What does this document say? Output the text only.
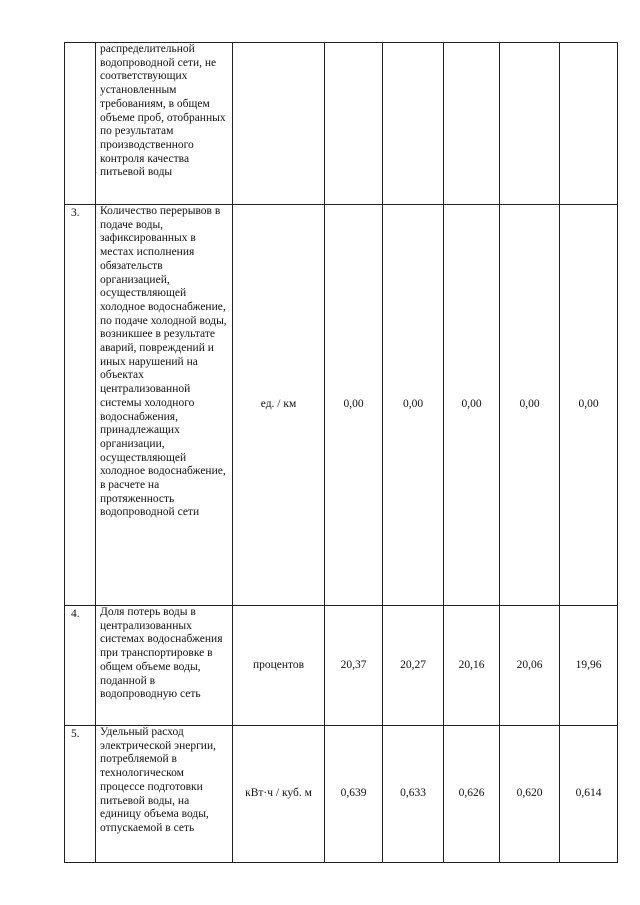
	распределительной водопроводной сети, не соответствующих установленным требованиям, в общем объеме проб, отобранных по результатам производственного контроля качества питьевой воды						
3.	Количество перерывов в подаче воды, зафиксированных в местах исполнения обязательств организацией, осуществляющей холодное водоснабжение, по подаче холодной воды, возникшее в результате аварий, повреждений и иных нарушений на объектах централизованной системы холодного водоснабжения, принадлежащих организации, осуществляющей холодное водоснабжение, в расчете на протяженность водопроводной сети	ед. / км	0,00	0,00	0,00	0,00	0,00
4.	Доля потерь воды в централизованных системах водоснабжения при транспортировке в общем объеме воды, поданной в водопроводную сеть	процентов	20,37	20,27	20,16	20,06	19,96
5.	Удельный расход электрической энергии, потребляемой в технологическом процессе подготовки питьевой воды, на единицу объема воды, отпускаемой в сеть	кВт·ч / куб. м	0,639	0,633	0,626	0,620	0,614
